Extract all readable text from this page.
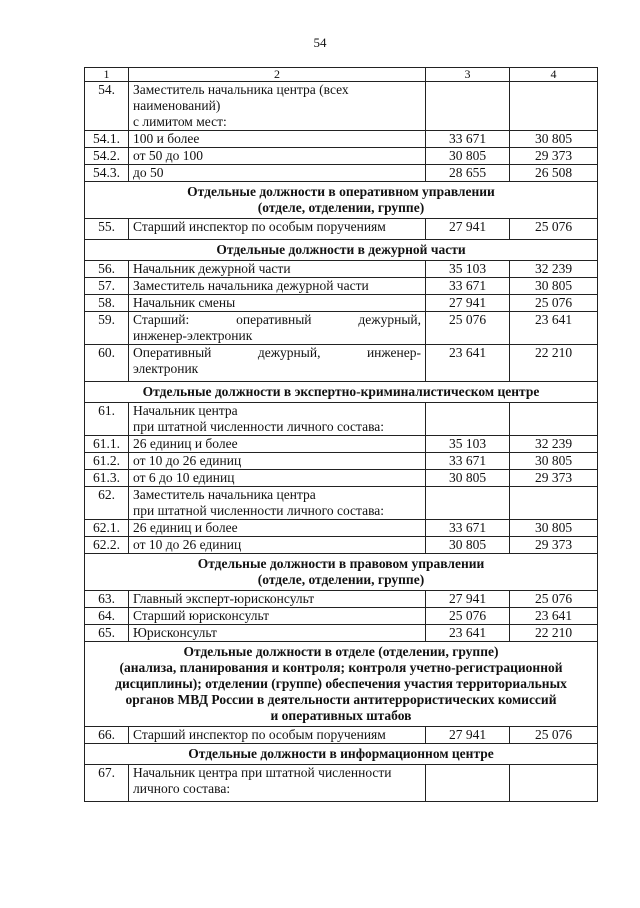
54
1	2	3	4
54.	Заместитель начальника центра (всех
наименований)
с лимитом мест:		

54.1.	100 и более	33 671	30 805
54.2.	от 50 до 100	30 805	29 373
54.3.	до 50	28 655	26 508

Отдельные должности в оперативном управлении
(отделе, отделении, группе)			

55.	Старший инспектор по особым поручениям	27 941	25 076

Отдельные должности в дежурной части			

56.	Начальник дежурной части	35 103	32 239
57.	Заместитель начальника дежурной части	33 671	30 805
58.	Начальник смены	27 941	25 076
59.	Старший: оперативный дежурный,
инженер-электроник	25 076	23 641
60.	Оперативный дежурный, инженер-
электроник	23 641	22 210

Отдельные должности в экспертно-криминалистическом центре			

61.	Начальник центра
при штатной численности личного состава:		

61.1.	26 единиц и более	35 103	32 239
61.2.	от 10 до 26 единиц	33 671	30 805
61.3.	от 6 до 10 единиц	30 805	29 373
62.	Заместитель начальника центра
при штатной численности личного состава:		

62.1.	26 единиц и более	33 671	30 805
62.2.	от 10 до 26 единиц	30 805	29 373

Отдельные должности в правовом управлении
(отделе, отделении, группе)			

63.	Главный эксперт-юрисконсульт	27 941	25 076
64.	Старший юрисконсульт	25 076	23 641
65.	Юрисконсульт	23 641	22 210

Отдельные должности в отделе (отделении, группе)
(анализа, планирования и контроля; контроля учетно-регистрационной
дисциплины); отделении (группе) обеспечения участия территориальных
органов МВД России в деятельности антитеррористических комиссий
и оперативных штабов			

66.	Старший инспектор по особым поручениям	27 941	25 076

Отдельные должности в информационном центре			

67.	Начальник центра при штатной численности
личного состава:		
